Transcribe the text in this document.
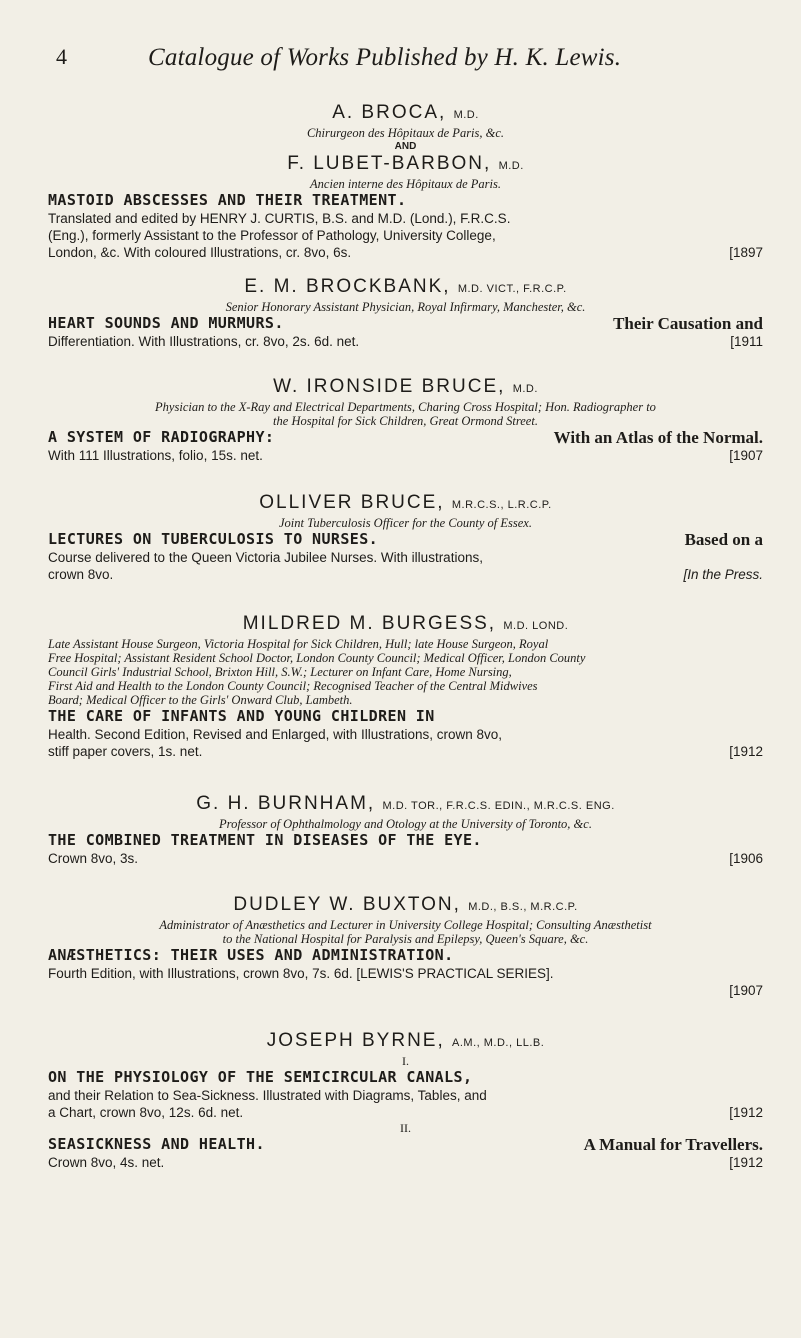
4	Catalogue of Works Published by H. K. Lewis.
A. BROCA, M.D.
Chirurgeon des Hôpitaux de Paris, &c.
AND
F. LUBET-BARBON, M.D.
Ancien interne des Hôpitaux de Paris.
MASTOID ABSCESSES AND THEIR TREATMENT.
Translated and edited by HENRY J. CURTIS, B.S. and M.D. (Lond.), F.R.C.S.
(Eng.), formerly Assistant to the Professor of Pathology, University College,
London, &c. With coloured Illustrations, cr. 8vo, 6s.	[1897
E. M. BROCKBANK, M.D. VICT., F.R.C.P.
Senior Honorary Assistant Physician, Royal Infirmary, Manchester, &c.
HEART SOUNDS AND MURMURS.	Their Causation and
Differentiation. With Illustrations, cr. 8vo, 2s. 6d. net.	[1911
W. IRONSIDE BRUCE, M.D.
Physician to the X-Ray and Electrical Departments, Charing Cross Hospital; Hon. Radiographer to
the Hospital for Sick Children, Great Ormond Street.
A SYSTEM OF RADIOGRAPHY:	With an Atlas of the Normal.
With 111 Illustrations, folio, 15s. net.	[1907
OLLIVER BRUCE, M.R.C.S., L.R.C.P.
Joint Tuberculosis Officer for the County of Essex.
LECTURES ON TUBERCULOSIS TO NURSES.	Based on a
Course delivered to the Queen Victoria Jubilee Nurses. With illustrations,
crown 8vo.	[In the Press.
MILDRED M. BURGESS, M.D. LOND.
Late Assistant House Surgeon, Victoria Hospital for Sick Children, Hull; late House Surgeon, Royal
Free Hospital; Assistant Resident School Doctor, London County Council; Medical Officer, London County
Council Girls' Industrial School, Brixton Hill, S.W.; Lecturer on Infant Care, Home Nursing,
First Aid and Health to the London County Council; Recognised Teacher of the Central Midwives
Board; Medical Officer to the Girls' Onward Club, Lambeth.
THE CARE OF INFANTS AND YOUNG CHILDREN IN
Health. Second Edition, Revised and Enlarged, with Illustrations, crown 8vo,
stiff paper covers, 1s. net.	[1912
G. H. BURNHAM, M.D. TOR., F.R.C.S. EDIN., M.R.C.S. ENG.
Professor of Ophthalmology and Otology at the University of Toronto, &c.
THE COMBINED TREATMENT IN DISEASES OF THE EYE.
Crown 8vo, 3s.	[1906
DUDLEY W. BUXTON, M.D., B.S., M.R.C.P.
Administrator of Anæsthetics and Lecturer in University College Hospital; Consulting Anæsthetist
to the National Hospital for Paralysis and Epilepsy, Queen's Square, &c.
ANÆSTHETICS: THEIR USES AND ADMINISTRATION.
Fourth Edition, with Illustrations, crown 8vo, 7s. 6d. [LEWIS'S PRACTICAL SERIES].
[1907
JOSEPH BYRNE, A.M., M.D., LL.B.
I.
ON THE PHYSIOLOGY OF THE SEMICIRCULAR CANALS,
and their Relation to Sea-Sickness. Illustrated with Diagrams, Tables, and
a Chart, crown 8vo, 12s. 6d. net.	[1912
II.
SEASICKNESS AND HEALTH.	A Manual for Travellers.
Crown 8vo, 4s. net.	[1912
